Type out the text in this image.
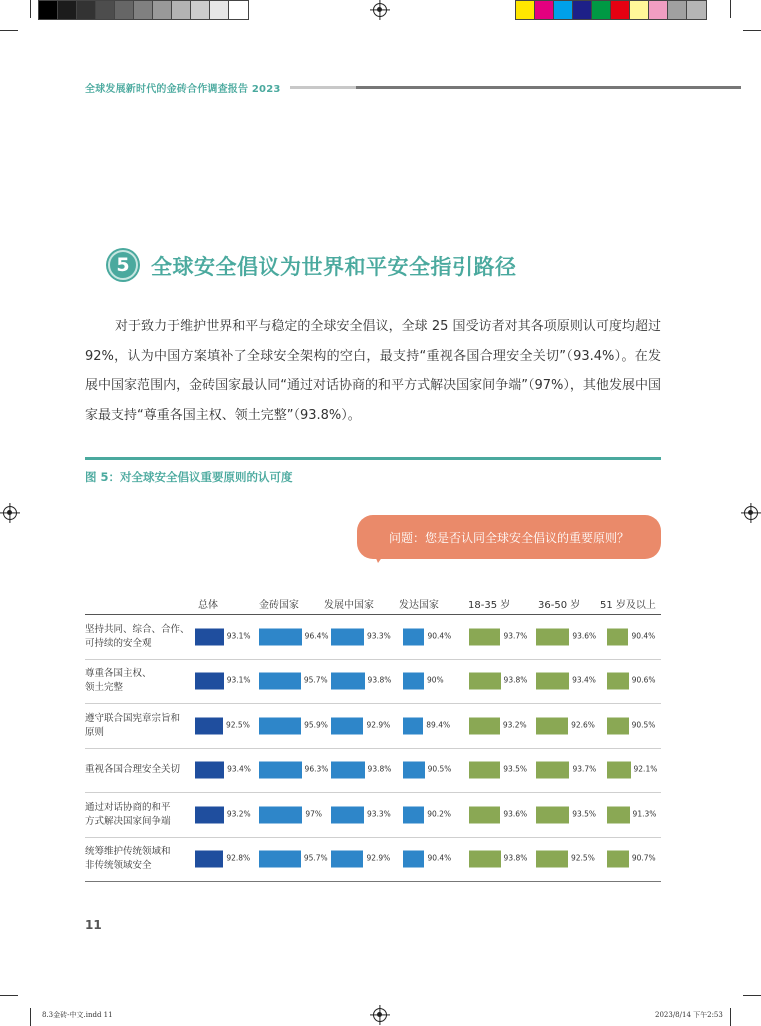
全球发展新时代的金砖合作调查报告 2023
5	全球安全倡议为世界和平安全指引路径

对于致力于维护世界和平与稳定的全球安全倡议，全球 25 国受访者对其各项原则认可度均超过 92%，认为中国方案填补了全球安全架构的空白，最支持“重视各国合理安全关切”（93.4%）。在发展中国家范围内，金砖国家最认同“通过对话协商的和平方式解决国家间争端”（97%），其他发展中国家最支持“尊重各国主权、领土完整”（93.8%）。

图 5：对全球安全倡议重要原则的认可度
问题：您是否认同全球安全倡议的重要原则？
总体	金砖国家	发展中国家	发达国家	18-35 岁	36-50 岁 51 岁及以上
坚持共同、综合、合作、
可持续的安全观
93.1%	96.4%	93.3%	90.4%	93.7%	93.6%	90.4%
尊重各国主权、
领土完整
93.1%	95.7%	93.8%	90%	93.8%	93.4%	90.6%
遵守联合国宪章宗旨和
原则
92.5%	95.9%	92.9%	89.4%	93.2%	92.6%	90.5%
重视各国合理安全关切	93.4%	96.3%	93.8%	90.5%	93.5%	93.7%	92.1%
通过对话协商的和平
方式解决国家间争端
93.2%	97%	93.3%	90.2%	93.6%	93.5%	91.3%
统筹维护传统领域和
非传统领域安全
92.8%	95.7%	92.9%	90.4%	93.8%	92.5%	90.7%
11
8.3金砖-中文.indd 11	2023/8/14 下午2:53
